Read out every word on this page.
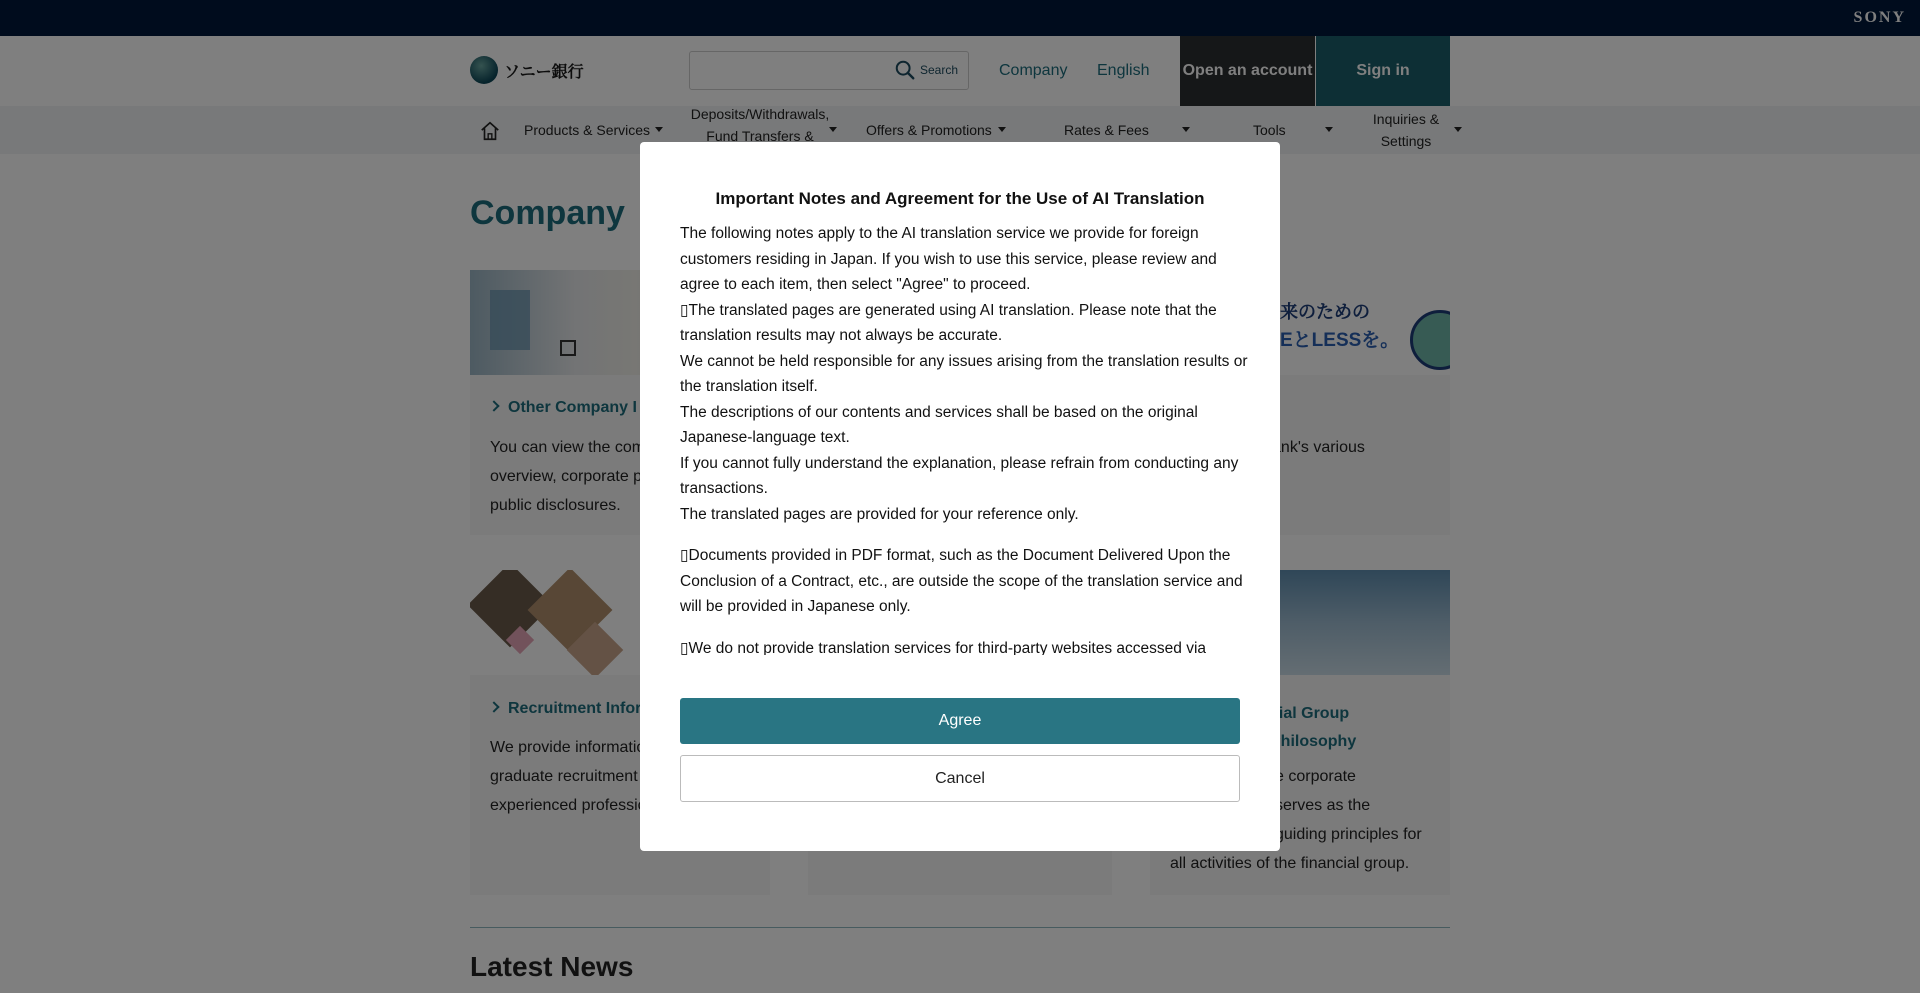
Important Notes and Agreement for the Use of AI Translation

The following notes apply to the AI translation service we provide for foreign customers residing in Japan. If you wish to use this service, please review and agree to each item, then select "Agree" to proceed.

▯The translated pages are generated using AI translation. Please note that the translation results may not always be accurate.

We cannot be held responsible for any issues arising from the translation results or the translation itself.

The descriptions of our contents and services shall be based on the original Japanese-language text.

If you cannot fully understand the explanation, please refrain from conducting any transactions.

The translated pages are provided for your reference only.

▯Documents provided in PDF format, such as the Document Delivered Upon the Conclusion of a Contract, etc., are outside the scope of the translation service and will be provided in Japanese only.

▯We do not provide translation services for third-party websites accessed via

Agree
Cancel
